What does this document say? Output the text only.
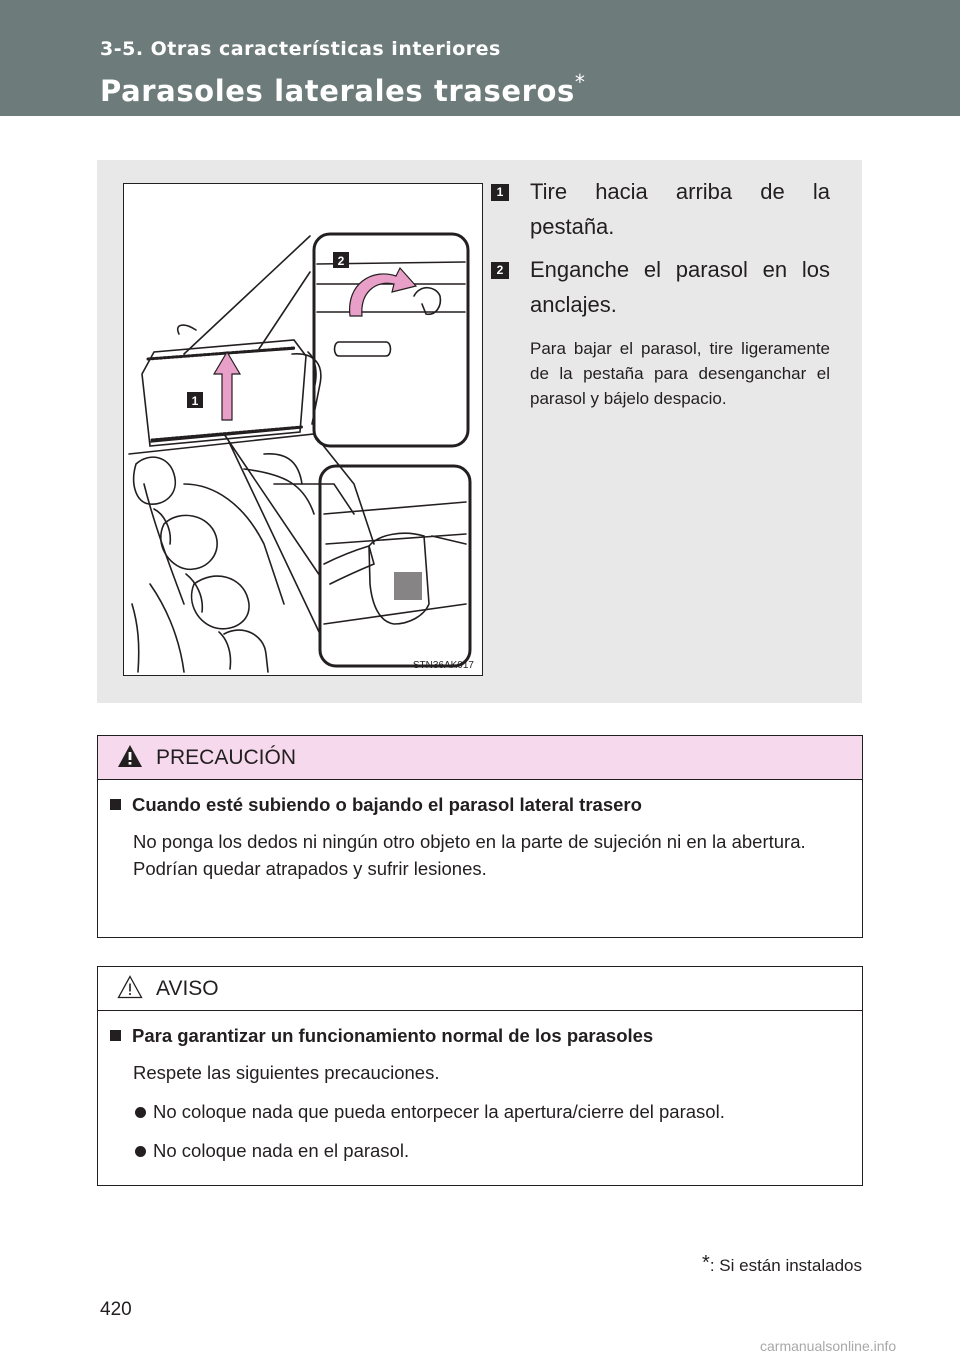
3-5. Otras características interiores
Parasoles laterales traseros*
1
2
STN36AK017
1 Tire hacia arriba de la pestaña.
2 Enganche el parasol en los anclajes.
Para bajar el parasol, tire ligeramente de la pestaña para desenganchar el parasol y bájelo despacio.
PRECAUCIÓN
Cuando esté subiendo o bajando el parasol lateral trasero
No ponga los dedos ni ningún otro objeto en la parte de sujeción ni en la abertura.
Podrían quedar atrapados y sufrir lesiones.
AVISO
Para garantizar un funcionamiento normal de los parasoles
Respete las siguientes precauciones.
No coloque nada que pueda entorpecer la apertura/cierre del parasol.
No coloque nada en el parasol.
*: Si están instalados
420
carmanualsonline.info
